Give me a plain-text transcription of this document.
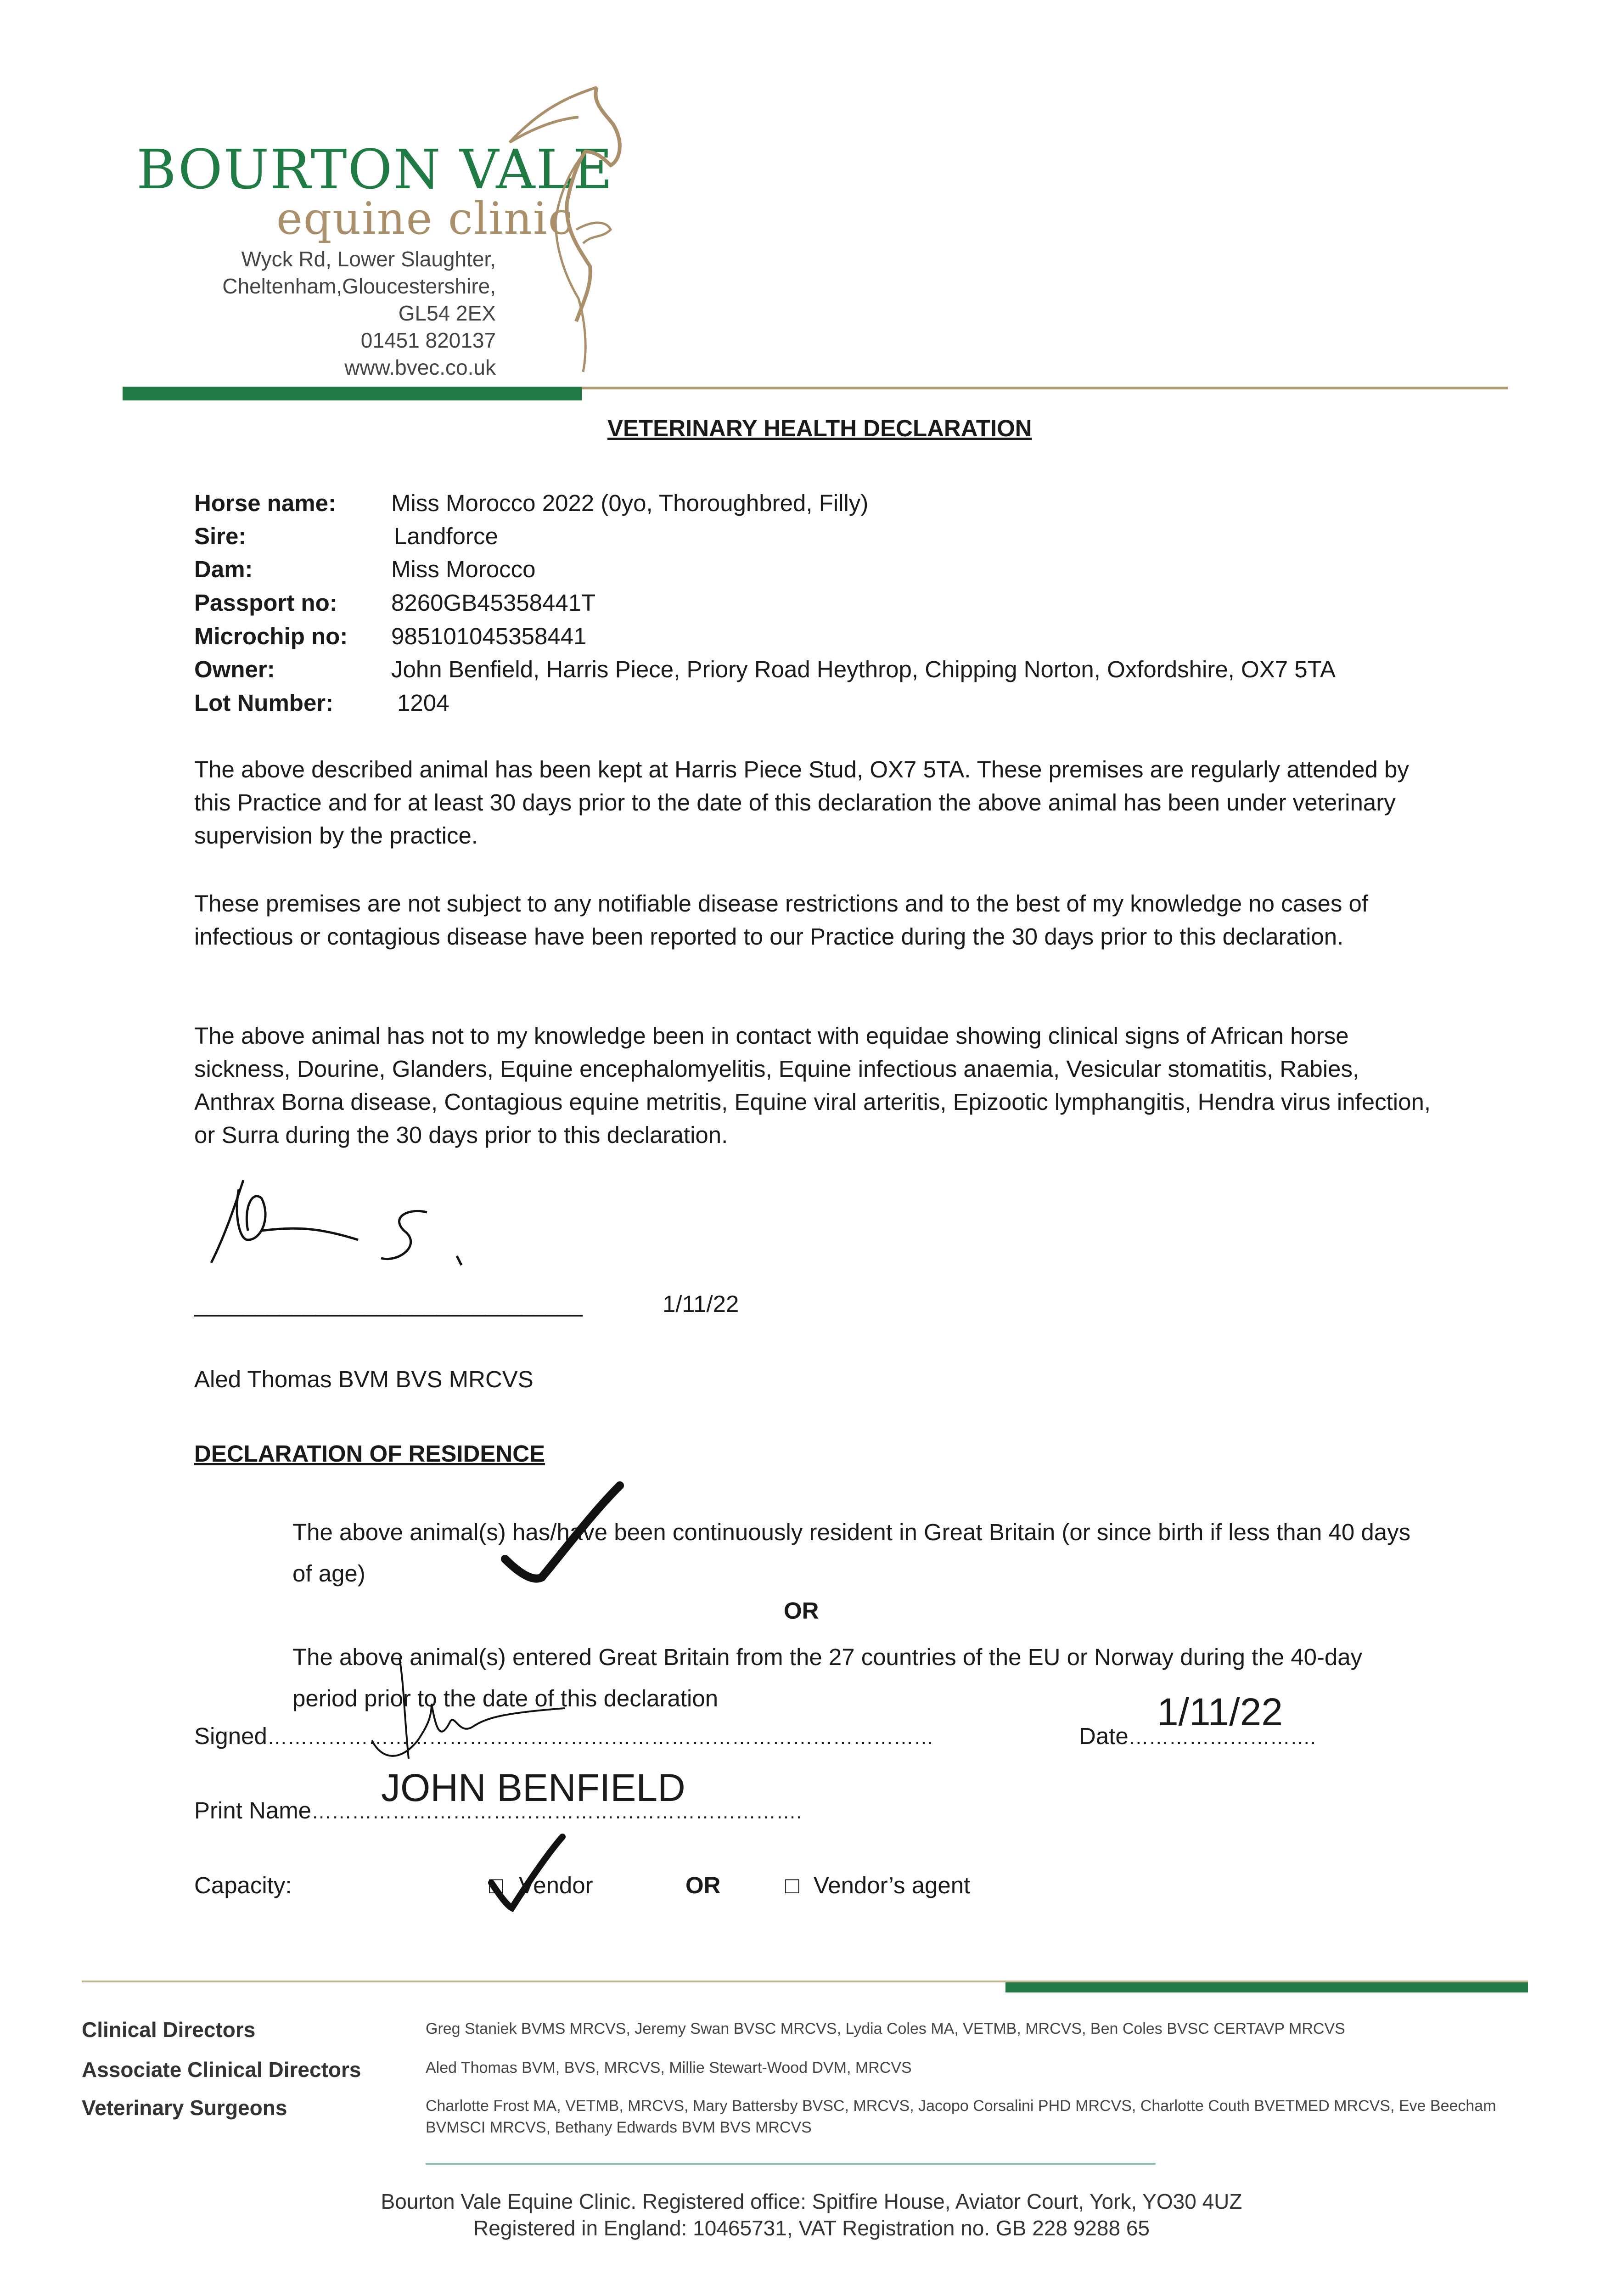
BOURTON VALE
equine clinic
Wyck Rd, Lower Slaughter,
Cheltenham,Gloucestershire,
GL54 2EX
01451 820137
www.bvec.co.uk
VETERINARY HEALTH DECLARATION
Horse name:	Miss Morocco 2022 (0yo, Thoroughbred, Filly)
Sire:	Landforce
Dam:	Miss Morocco
Passport no:	8260GB45358441T
Microchip no:	985101045358441
Owner:	John Benfield, Harris Piece, Priory Road Heythrop, Chipping Norton, Oxfordshire, OX7 5TA
Lot Number:	1204
The above described animal has been kept at Harris Piece Stud, OX7 5TA. These premises are regularly attended by this Practice and for at least 30 days prior to the date of this declaration the above animal has been under veterinary supervision by the practice.
These premises are not subject to any notifiable disease restrictions and to the best of my knowledge no cases of infectious or contagious disease have been reported to our Practice during the 30 days prior to this declaration.
The above animal has not to my knowledge been in contact with equidae showing clinical signs of African horse sickness, Dourine, Glanders, Equine encephalomyelitis, Equine infectious anaemia, Vesicular stomatitis, Rabies, Anthrax Borna disease, Contagious equine metritis, Equine viral arteritis, Epizootic lymphangitis, Hendra virus infection, or Surra during the 30 days prior to this declaration.
________________________________	1/11/22
Aled Thomas BVM BVS MRCVS
DECLARATION OF RESIDENCE
The above animal(s) has/have been continuously resident in Great Britain (or since birth if less than 40 days of age)
OR
The above animal(s) entered Great Britain from the 27 countries of the EU or Norway during the 40-day period prior to the date of this declaration
Signed………………………………………………………………………………………	Date……………………….
1/11/22
Print Name……………………………………………………………….
JOHN BENFIELD
Capacity:	□ Vendor	OR	□ Vendor’s agent
Clinical Directors	Greg Staniek BVMS MRCVS, Jeremy Swan BVSC MRCVS, Lydia Coles MA, VETMB, MRCVS, Ben Coles BVSC CERTAVP MRCVS
Associate Clinical Directors	Aled Thomas BVM, BVS, MRCVS, Millie Stewart-Wood DVM, MRCVS
Veterinary Surgeons	Charlotte Frost MA, VETMB, MRCVS, Mary Battersby BVSC, MRCVS, Jacopo Corsalini PHD MRCVS, Charlotte Couth BVETMED MRCVS, Eve Beecham BVMSCI MRCVS, Bethany Edwards BVM BVS MRCVS
Bourton Vale Equine Clinic. Registered office: Spitfire House, Aviator Court, York, YO30 4UZ
Registered in England: 10465731, VAT Registration no. GB 228 9288 65
